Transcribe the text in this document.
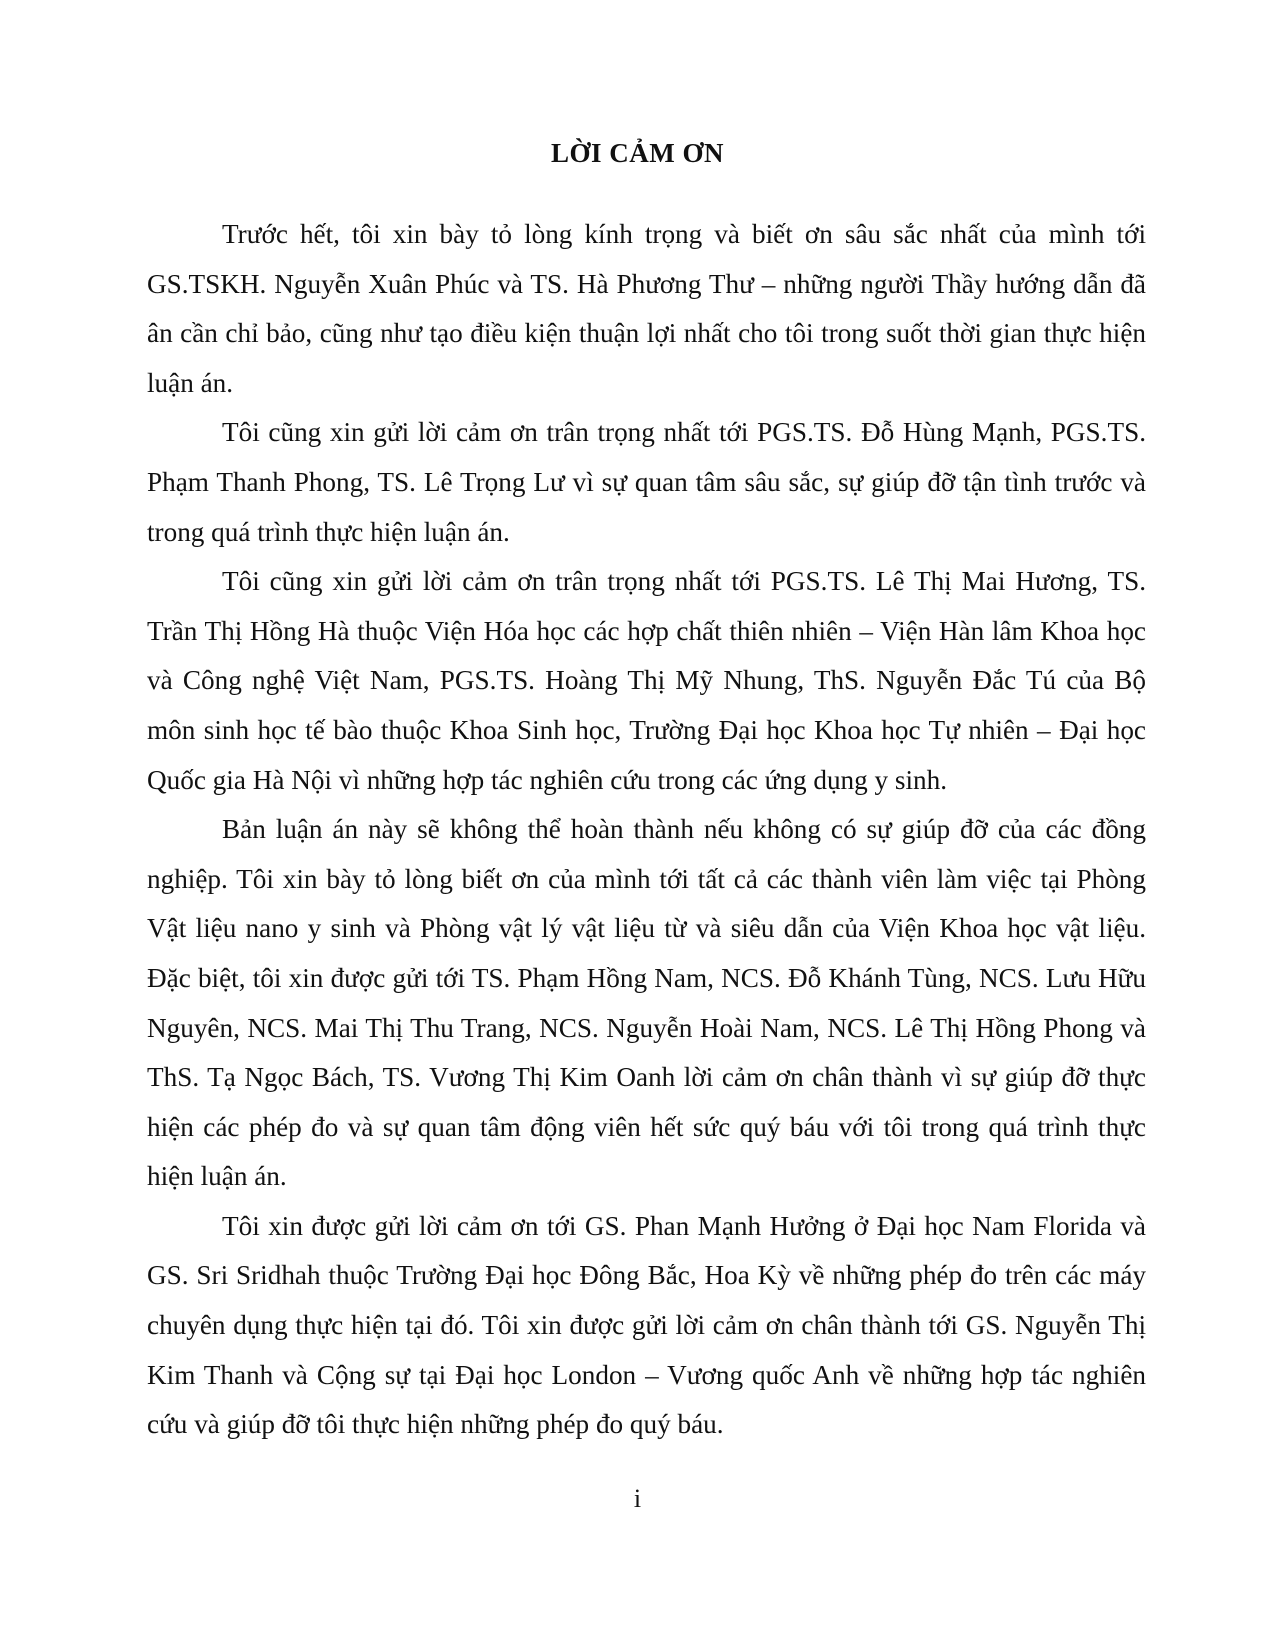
LỜI CẢM ƠN

Trước hết, tôi xin bày tỏ lòng kính trọng và biết ơn sâu sắc nhất của mình tới GS.TSKH. Nguyễn Xuân Phúc và TS. Hà Phương Thư – những người Thầy hướng dẫn đã ân cần chỉ bảo, cũng như tạo điều kiện thuận lợi nhất cho tôi trong suốt thời gian thực hiện luận án.

Tôi cũng xin gửi lời cảm ơn trân trọng nhất tới PGS.TS. Đỗ Hùng Mạnh, PGS.TS. Phạm Thanh Phong, TS. Lê Trọng Lư vì sự quan tâm sâu sắc, sự giúp đỡ tận tình trước và trong quá trình thực hiện luận án.

Tôi cũng xin gửi lời cảm ơn trân trọng nhất tới PGS.TS. Lê Thị Mai Hương, TS. Trần Thị Hồng Hà thuộc Viện Hóa học các hợp chất thiên nhiên – Viện Hàn lâm Khoa học và Công nghệ Việt Nam, PGS.TS. Hoàng Thị Mỹ Nhung, ThS. Nguyễn Đắc Tú của Bộ môn sinh học tế bào thuộc Khoa Sinh học, Trường Đại học Khoa học Tự nhiên – Đại học Quốc gia Hà Nội vì những hợp tác nghiên cứu trong các ứng dụng y sinh.

Bản luận án này sẽ không thể hoàn thành nếu không có sự giúp đỡ của các đồng nghiệp. Tôi xin bày tỏ lòng biết ơn của mình tới tất cả các thành viên làm việc tại Phòng Vật liệu nano y sinh và Phòng vật lý vật liệu từ và siêu dẫn của Viện Khoa học vật liệu. Đặc biệt, tôi xin được gửi tới TS. Phạm Hồng Nam, NCS. Đỗ Khánh Tùng, NCS. Lưu Hữu Nguyên, NCS. Mai Thị Thu Trang, NCS. Nguyễn Hoài Nam, NCS. Lê Thị Hồng Phong và ThS. Tạ Ngọc Bách, TS. Vương Thị Kim Oanh lời cảm ơn chân thành vì sự giúp đỡ thực hiện các phép đo và sự quan tâm động viên hết sức quý báu với tôi trong quá trình thực hiện luận án.

Tôi xin được gửi lời cảm ơn tới GS. Phan Mạnh Hưởng ở Đại học Nam Florida và GS. Sri Sridhah thuộc Trường Đại học Đông Bắc, Hoa Kỳ về những phép đo trên các máy chuyên dụng thực hiện tại đó. Tôi xin được gửi lời cảm ơn chân thành tới GS. Nguyễn Thị Kim Thanh và Cộng sự tại Đại học London – Vương quốc Anh về những hợp tác nghiên cứu và giúp đỡ tôi thực hiện những phép đo quý báu.

i
